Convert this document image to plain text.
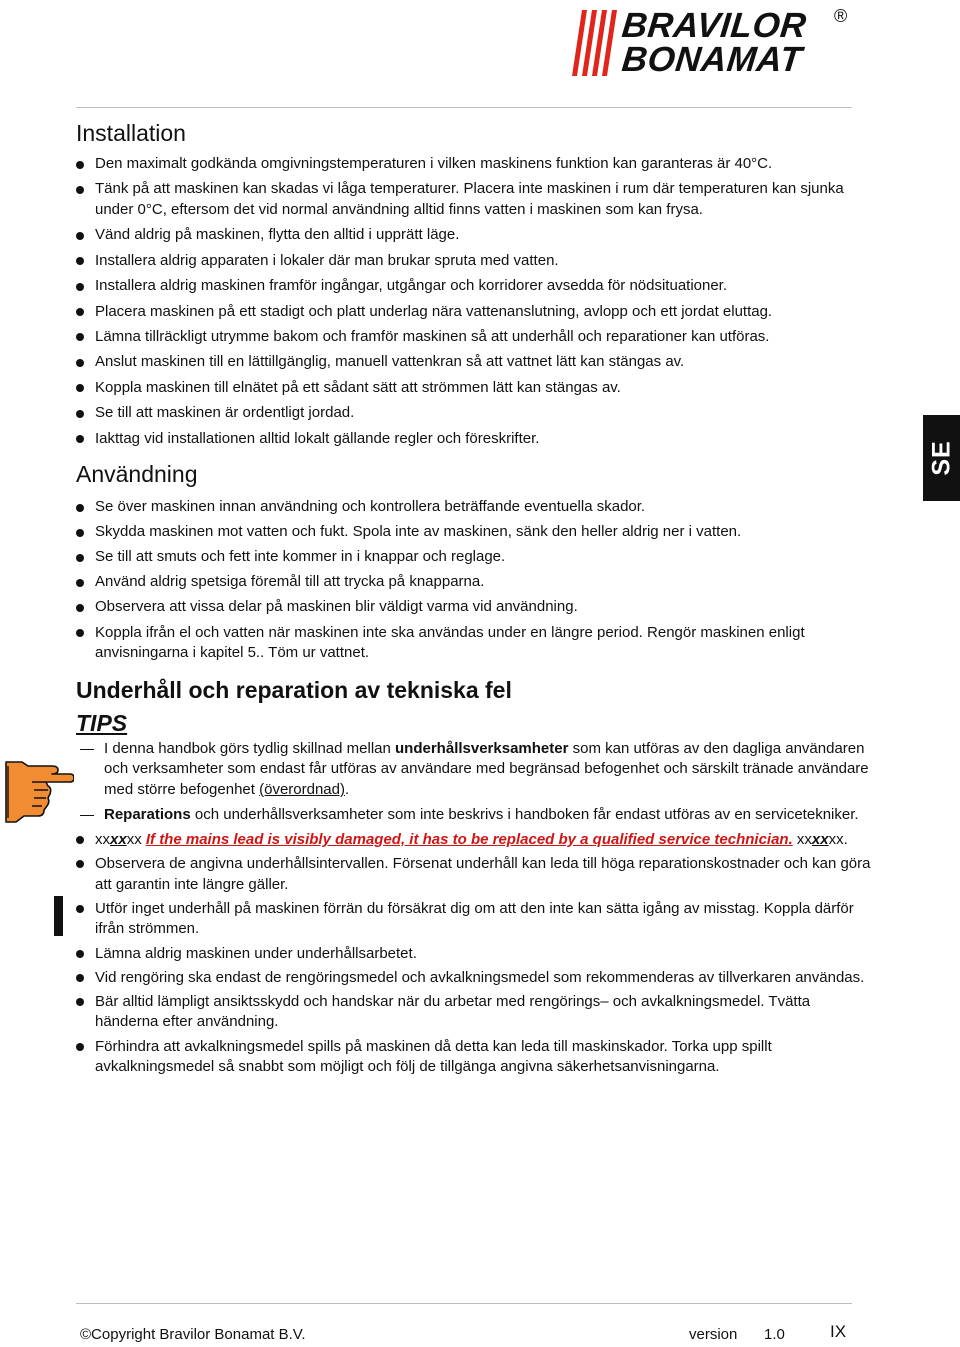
BRAVILOR
BONAMAT
®
SE
Installation
Den maximalt godkända omgivningstemperaturen i vilken maskinens funktion kan garanteras är 40°C.
Tänk på att maskinen kan skadas vi låga temperaturer. Placera inte maskinen i rum där temperaturen kan sjunka under 0°C, eftersom det vid normal användning alltid finns vatten i maskinen som kan frysa.
Vänd aldrig på maskinen, flytta den alltid i upprätt läge.
Installera aldrig apparaten i lokaler där man brukar spruta med vatten.
Installera aldrig maskinen framför ingångar, utgångar och korridorer avsedda för nödsituationer.
Placera maskinen på ett stadigt och platt underlag nära vattenanslutning, avlopp och ett jordat eluttag.
Lämna tillräckligt utrymme bakom och framför maskinen så att underhåll och reparationer kan utföras.
Anslut maskinen till en lättillgänglig, manuell vattenkran så att vattnet lätt kan stängas av.
Koppla maskinen till elnätet på ett sådant sätt att strömmen lätt kan stängas av.
Se till att maskinen är ordentligt jordad.
Iakttag vid installationen alltid lokalt gällande regler och föreskrifter.
Användning
Se över maskinen innan användning och kontrollera beträffande eventuella skador.
Skydda maskinen mot vatten och fukt. Spola inte av maskinen, sänk den heller aldrig ner i vatten.
Se till att smuts och fett inte kommer in i knappar och reglage.
Använd aldrig spetsiga föremål till att trycka på knapparna.
Observera att vissa delar på maskinen blir väldigt varma vid användning.
Koppla ifrån el och vatten när maskinen inte ska användas under en längre period. Rengör maskinen enligt anvisningarna i kapitel 5.. Töm ur vattnet.
Underhåll och reparation av tekniska fel
TIPS
I denna handbok görs tydlig skillnad mellan underhållsverksamheter som kan utföras av den dagliga användaren och verksamheter som endast får utföras av användare med begränsad befogenhet och särskilt tränade användare med större befogenhet (överordnad).
Reparations och underhållsverksamheter som inte beskrivs i handboken får endast utföras av en servicetekniker.
xxxxxx If the mains lead is visibly damaged, it has to be replaced by a qualified service technician. xxxxxx.
Observera de angivna underhållsintervallen. Försenat underhåll kan leda till höga reparationskostnader och kan göra att garantin inte längre gäller.
Utför inget underhåll på maskinen förrän du försäkrat dig om att den inte kan sätta igång av misstag. Koppla därför ifrån strömmen.
Lämna aldrig maskinen under underhållsarbetet.
Vid rengöring ska endast de rengöringsmedel och avkalkningsmedel som rekommenderas av tillverkaren användas.
Bär alltid lämpligt ansiktsskydd och handskar när du arbetar med rengörings– och avkalkningsmedel. Tvätta händerna efter användning.
Förhindra att avkalkningsmedel spills på maskinen då detta kan leda till maskinskador. Torka upp spillt avkalkningsmedel så snabbt som möjligt och följ de tillgänga angivna säkerhetsanvisningarna.
©Copyright Bravilor Bonamat B.V.	version 1.0	IX
